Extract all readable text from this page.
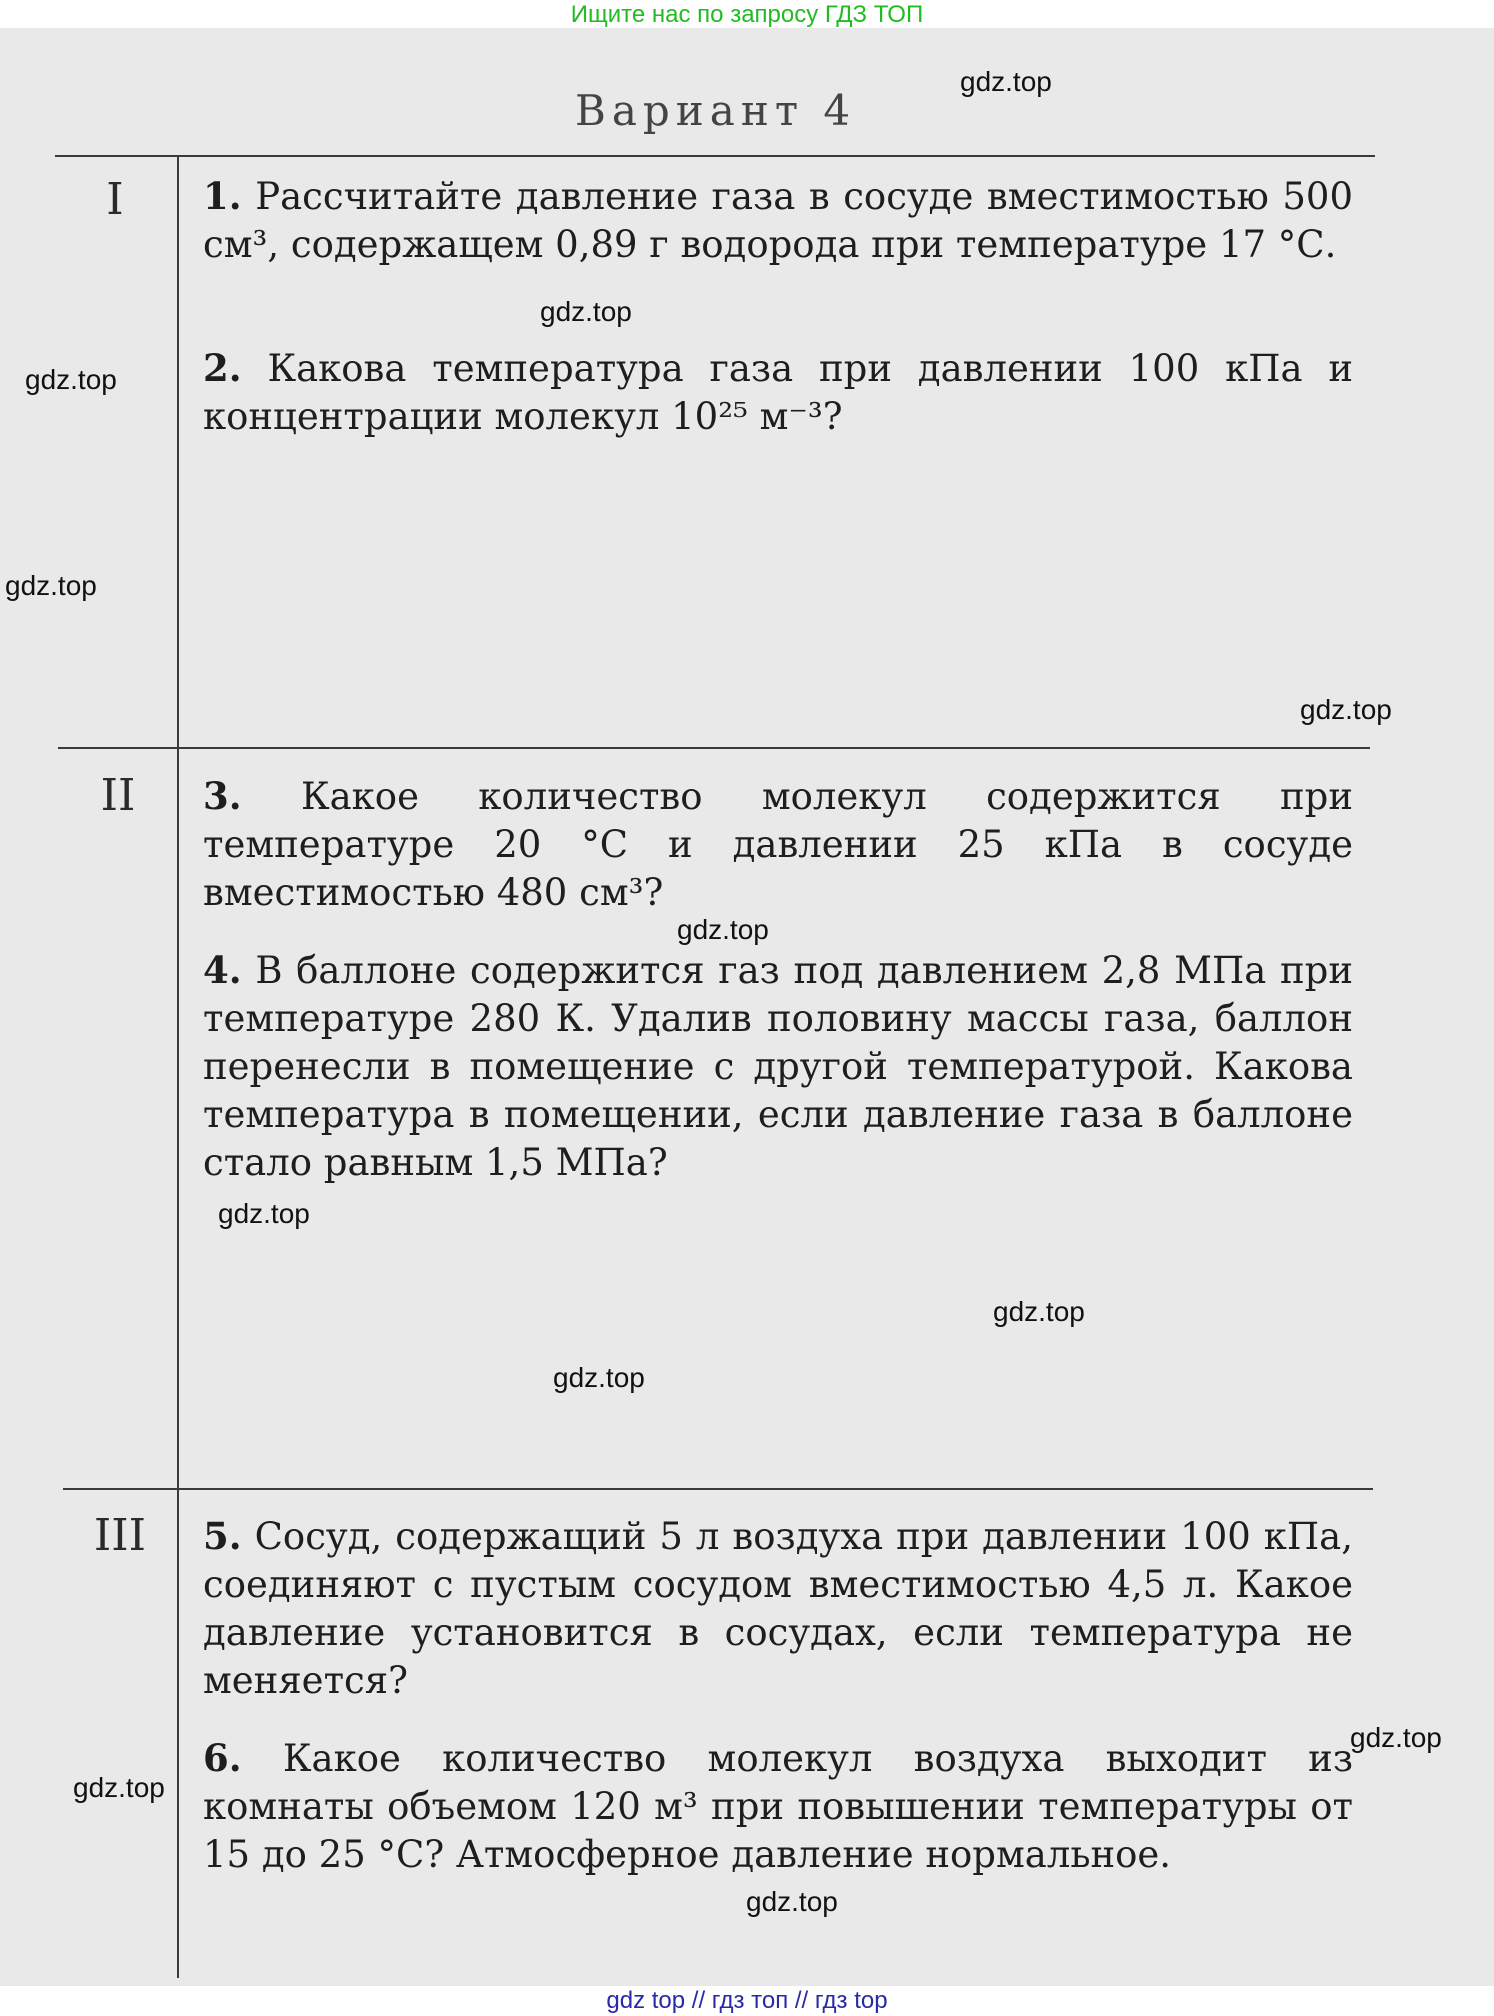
Ищите нас по запросу ГДЗ ТОП
Вариант 4
I
II
III
1. Рассчитайте давление газа в сосуде вместимостью 500 см³, содержащем 0,89 г водорода при температуре 17 °С.
2. Какова температура газа при давлении 100 кПа и концентрации молекул 10²⁵ м⁻³?
3. Какое количество молекул содержится при температуре 20 °С и давлении 25 кПа в сосуде вместимостью 480 см³?
4. В баллоне содержится газ под давлением 2,8 МПа при температуре 280 К. Удалив половину массы газа, баллон перенесли в помещение с другой температурой. Какова температура в помещении, если давление газа в баллоне стало равным 1,5 МПа?
5. Сосуд, содержащий 5 л воздуха при давлении 100 кПа, соединяют с пустым сосудом вместимостью 4,5 л. Какое давление установится в сосудах, если температура не меняется?
6. Какое количество молекул воздуха выходит из комнаты объемом 120 м³ при повышении температуры от 15 до 25 °С? Атмосферное давление нормальное.
gdz.top
gdz.top
gdz.top
gdz.top
gdz.top
gdz.top
gdz.top
gdz.top
gdz.top
gdz.top
gdz.top
gdz.top
gdz top // гдз топ // гдз top
